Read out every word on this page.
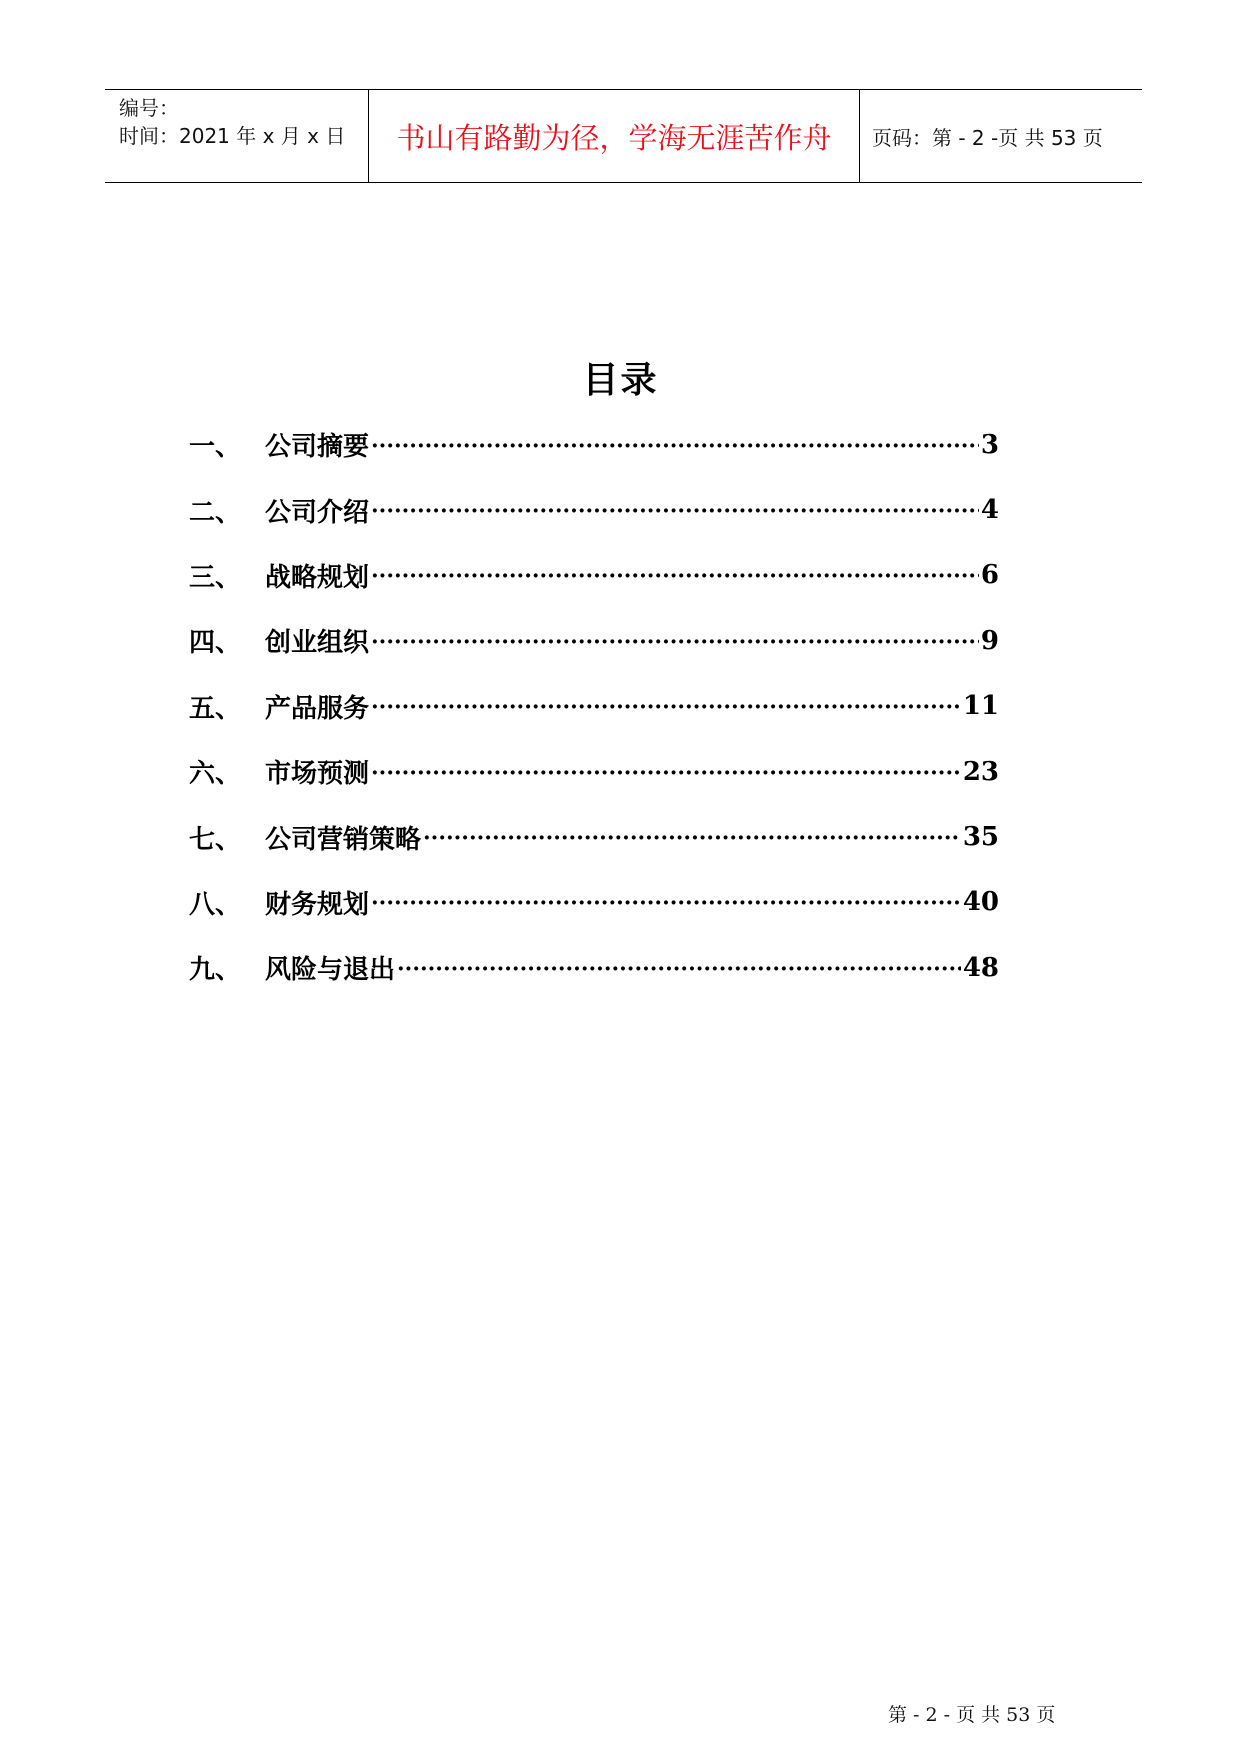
编号：
时间：2021 年 x 月 x 日 书山有路勤为径，学海无涯苦作舟 页码：第 - 2 -页 共 53 页
目录
一、 公司摘要 ·····	3
二、 公司介绍 ·····	4
三、 战略规划 ·····	6
四、 创业组织 ·····	9
五、 产品服务 ·····	11
六、 市场预测 ·····	23
七、 公司营销策略 ·····	35
八、 财务规划 ·····	40
九、 风险与退出 ·····	48
第 - 2 - 页 共 53 页
